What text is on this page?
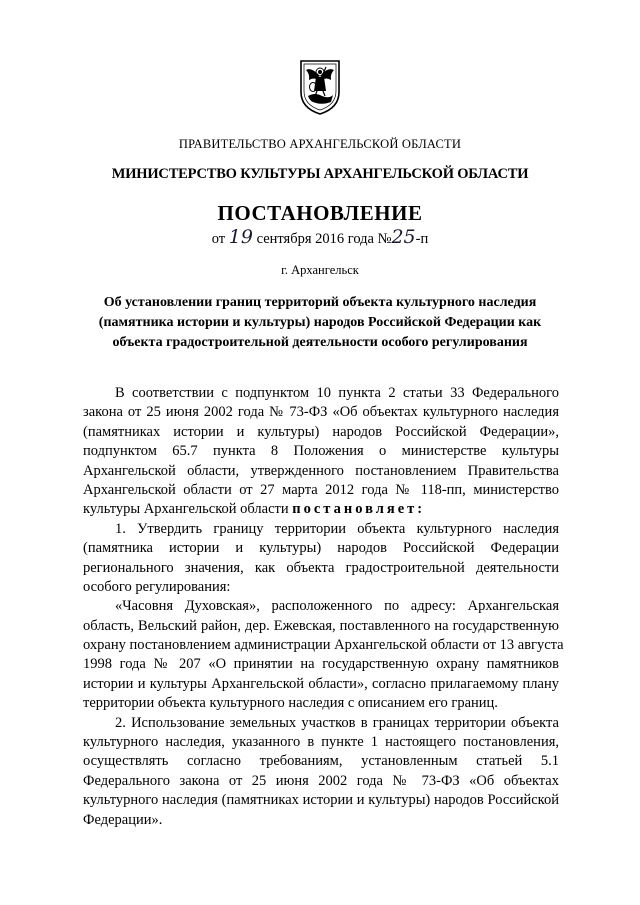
ПРАВИТЕЛЬСТВО АРХАНГЕЛЬСКОЙ ОБЛАСТИ
МИНИСТЕРСТВО КУЛЬТУРЫ АРХАНГЕЛЬСКОЙ ОБЛАСТИ
ПОСТАНОВЛЕНИЕ
от 19 сентября 2016 года №25-п
г. Архангельск
Об установлении границ территорий объекта культурного наследия
(памятника истории и культуры) народов Российской Федерации как
объекта градостроительной деятельности особого регулирования
В соответствии с подпунктом 10 пункта 2 статьи 33 Федерального
закона от 25 июня 2002 года № 73-ФЗ «Об объектах культурного наследия
(памятниках истории и культуры) народов Российской Федерации»,
подпунктом 65.7 пункта 8 Положения о министерстве культуры
Архангельской области, утвержденного постановлением Правительства
Архангельской области от 27 марта 2012 года № 118-пп, министерство
культуры Архангельской области постановляет:
1. Утвердить границу территории объекта культурного наследия
(памятника истории и культуры) народов Российской Федерации
регионального значения, как объекта градостроительной деятельности
особого регулирования:
«Часовня Духовская», расположенного по адресу: Архангельская
область, Вельский район, дер. Ежевская, поставленного на государственную
охрану постановлением администрации Архангельской области от 13 августа
1998 года № 207 «О принятии на государственную охрану памятников
истории и культуры Архангельской области», согласно прилагаемому плану
территории объекта культурного наследия с описанием его границ.
2. Использование земельных участков в границах территории объекта
культурного наследия, указанного в пункте 1 настоящего постановления,
осуществлять согласно требованиям, установленным статьей 5.1
Федерального закона от 25 июня 2002 года № 73-ФЗ «Об объектах
культурного наследия (памятниках истории и культуры) народов Российской
Федерации».
